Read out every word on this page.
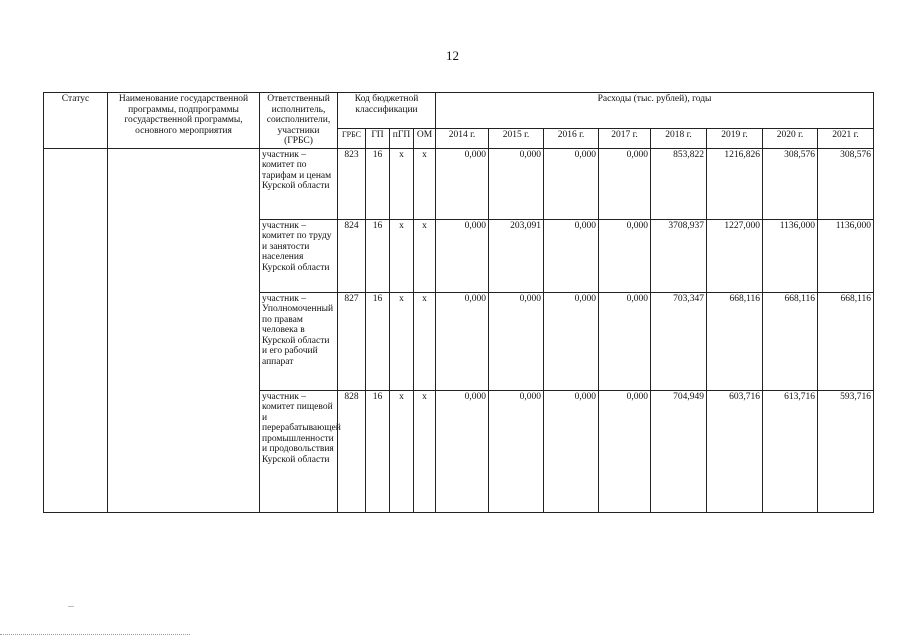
12
Статус	Наименование государственной программы, подпрограммы государственной программы, основного мероприятия	Ответственный исполнитель, соисполнители, участники (ГРБС)	Код бюджетной классификации				Расходы (тыс. рублей), годы							
			ГРБС	ГП	пГП	ОМ	2014 г.	2015 г.	2016 г.	2017 г.	2018 г.	2019 г.	2020 г.	2021 г.
		участник – комитет по тарифам и ценам Курской области	823	16	х	х	0,000	0,000	0,000	0,000	853,822	1216,826	308,576	308,576
		участник – комитет по труду и занятости населения Курской области	824	16	х	х	0,000	203,091	0,000	0,000	3708,937	1227,000	1136,000	1136,000
		участник – Уполномоченный по правам человека в Курской области и его рабочий аппарат	827	16	х	х	0,000	0,000	0,000	0,000	703,347	668,116	668,116	668,116
		участник – комитет пищевой и перерабатывающей промышленности и продовольствия Курской области	828	16	х	х	0,000	0,000	0,000	0,000	704,949	603,716	613,716	593,716
